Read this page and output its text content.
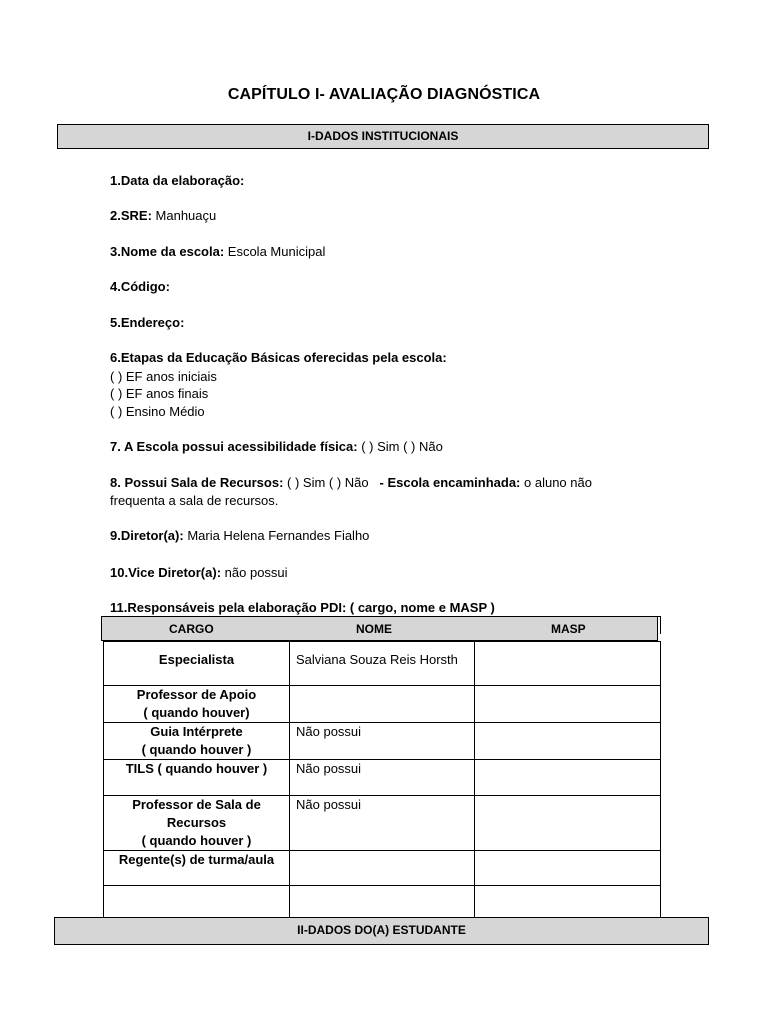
CAPÍTULO I- AVALIAÇÃO DIAGNÓSTICA
I-DADOS INSTITUCIONAIS
1.Data da elaboração:
2.SRE: Manhuaçu
3.Nome da escola: Escola Municipal
4.Código:
5.Endereço:
6.Etapas da Educação Básicas oferecidas pela escola:
( ) EF anos iniciais
( ) EF anos finais
( ) Ensino Médio
7. A Escola possui acessibilidade física: ( ) Sim ( ) Não
8. Possui Sala de Recursos: ( ) Sim ( ) Não - Escola encaminhada: o aluno não
frequenta a sala de recursos.
9.Diretor(a): Maria Helena Fernandes Fialho
10.Vice Diretor(a): não possui
11.Responsáveis pela elaboração PDI: ( cargo, nome e MASP )
CARGO	NOME	MASP
Especialista	Salviana Souza Reis Horsth	
Professor de Apoio
( quando houver)		
Guia Intérprete
( quando houver )	Não possui	
TILS ( quando houver )	Não possui	
Professor de Sala de
Recursos
( quando houver )	Não possui	
Regente(s) de turma/aula		

II-DADOS DO(A) ESTUDANTE
